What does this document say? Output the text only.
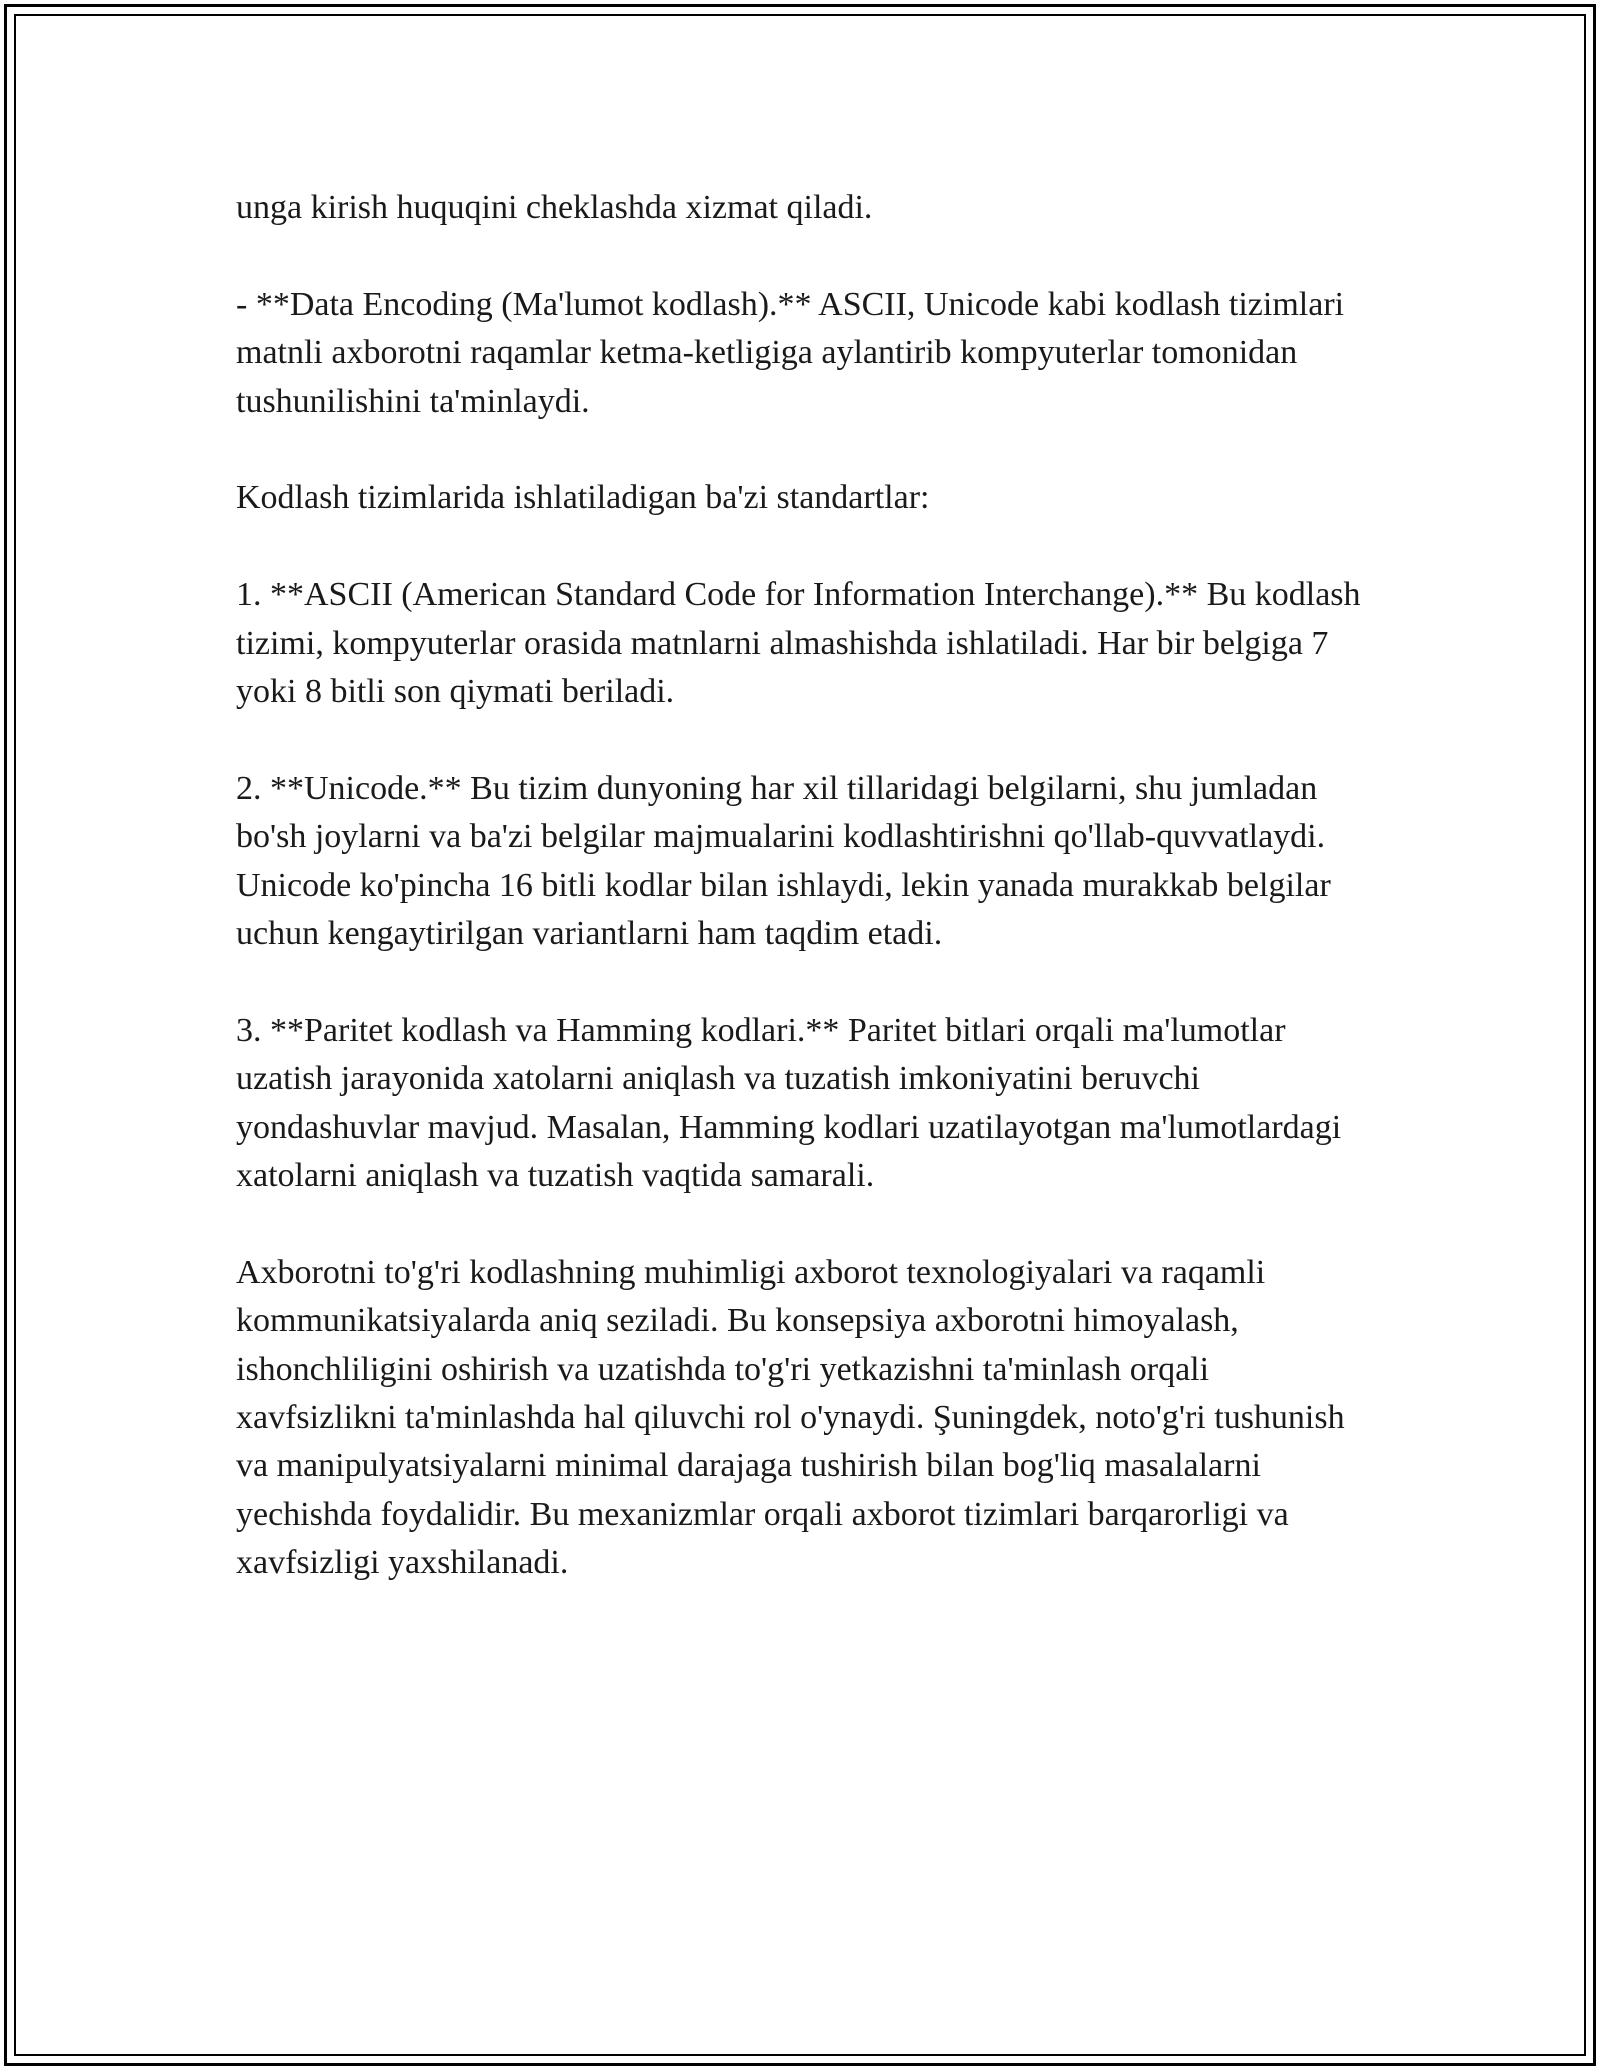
unga kirish huquqini cheklashda xizmat qiladi.

- **Data Encoding (Ma'lumot kodlash).** ASCII, Unicode kabi kodlash tizimlari matnli axborotni raqamlar ketma-ketligiga aylantirib kompyuterlar tomonidan tushunilishini ta'minlaydi.

Kodlash tizimlarida ishlatiladigan ba'zi standartlar:

1. **ASCII (American Standard Code for Information Interchange).** Bu kodlash tizimi, kompyuterlar orasida matnlarni almashishda ishlatiladi. Har bir belgiga 7 yoki 8 bitli son qiymati beriladi.

2. **Unicode.** Bu tizim dunyoning har xil tillaridagi belgilarni, shu jumladan bo'sh joylarni va ba'zi belgilar majmualarini kodlashtirishni qo'llab-quvvatlaydi. Unicode ko'pincha 16 bitli kodlar bilan ishlaydi, lekin yanada murakkab belgilar uchun kengaytirilgan variantlarni ham taqdim etadi.

3. **Paritet kodlash va Hamming kodlari.** Paritet bitlari orqali ma'lumotlar uzatish jarayonida xatolarni aniqlash va tuzatish imkoniyatini beruvchi yondashuvlar mavjud. Masalan, Hamming kodlari uzatilayotgan ma'lumotlardagi xatolarni aniqlash va tuzatish vaqtida samarali.

Axborotni to'g'ri kodlashning muhimligi axborot texnologiyalari va raqamli kommunikatsiyalarda aniq seziladi. Bu konsepsiya axborotni himoyalash, ishonchliligini oshirish va uzatishda to'g'ri yetkazishni ta'minlash orqali xavfsizlikni ta'minlashda hal qiluvchi rol o'ynaydi. Şuningdek, noto'g'ri tushunish va manipulyatsiyalarni minimal darajaga tushirish bilan bog'liq masalalarni yechishda foydalidir. Bu mexanizmlar orqali axborot tizimlari barqarorligi va xavfsizligi yaxshilanadi.
